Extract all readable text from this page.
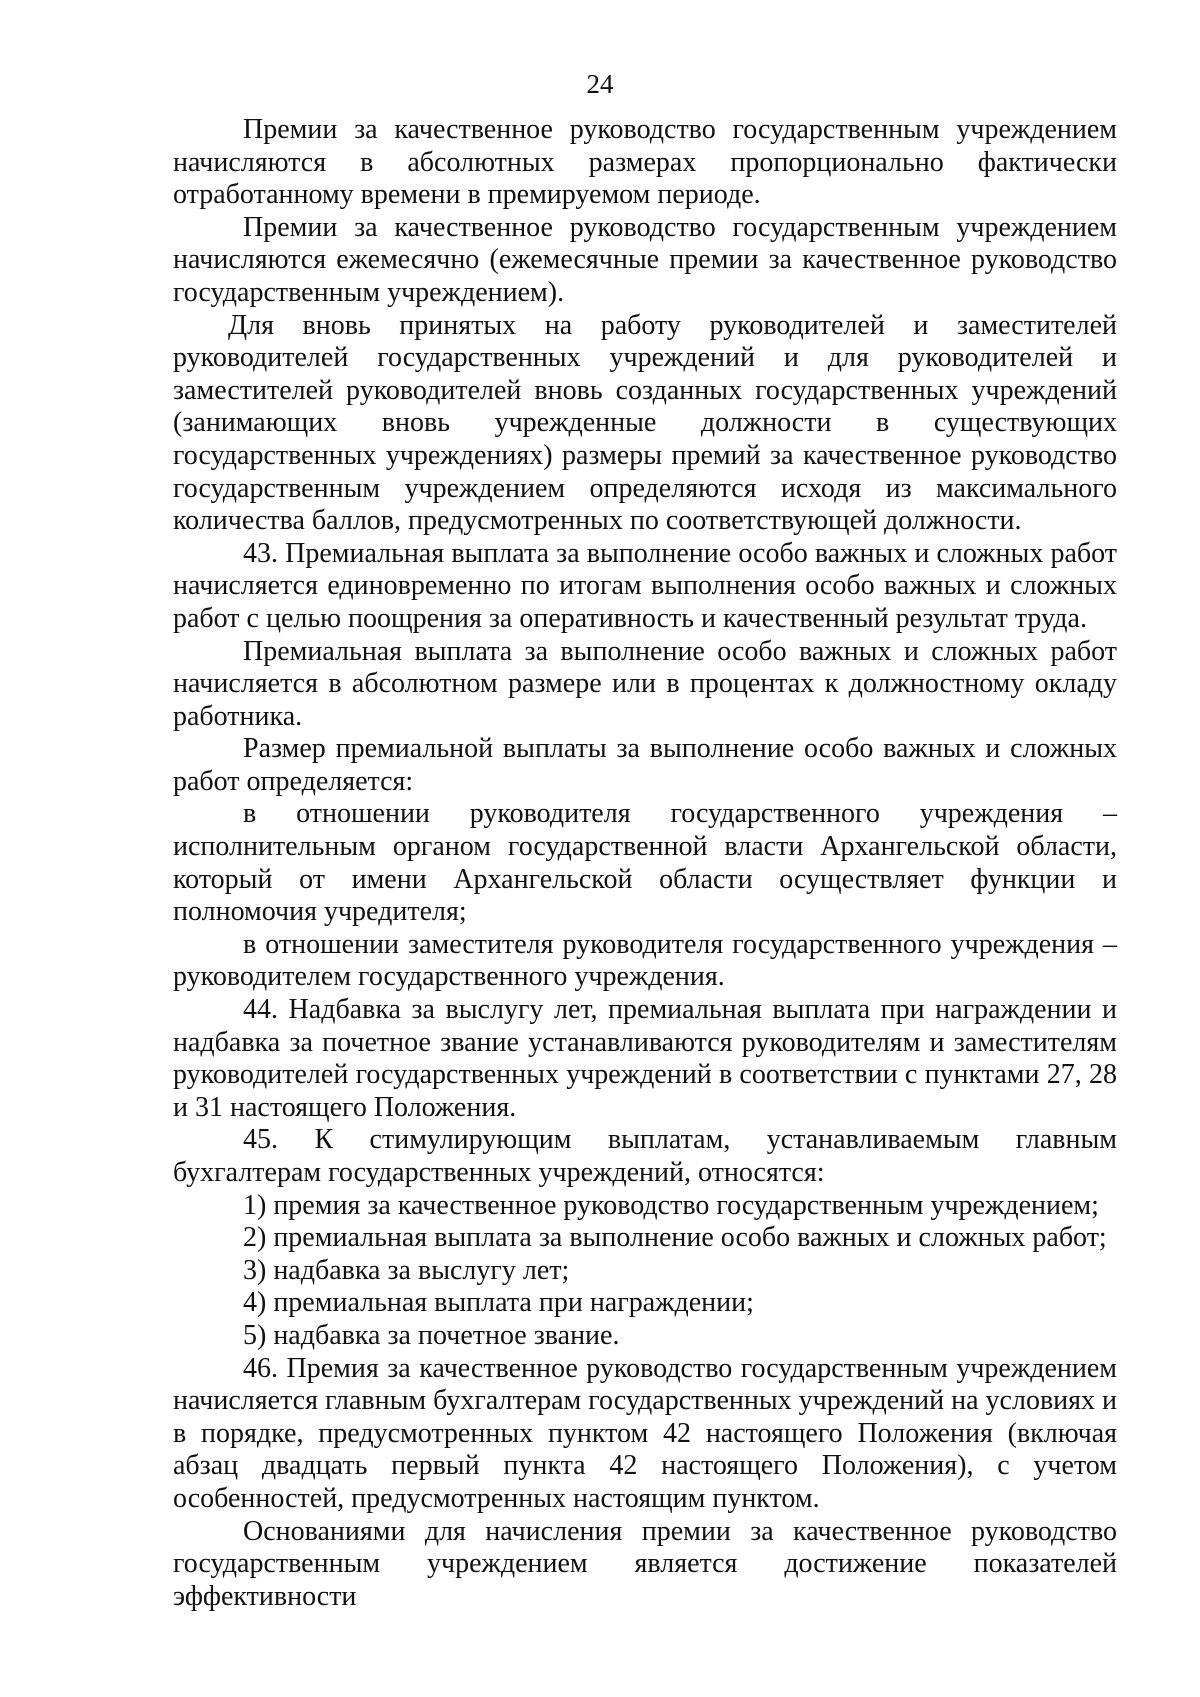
24

Премии за качественное руководство государственным учреждением начисляются в абсолютных размерах пропорционально фактически отработанному времени в премируемом периоде.

Премии за качественное руководство государственным учреждением начисляются ежемесячно (ежемесячные премии за качественное руководство государственным учреждением).

Для вновь принятых на работу руководителей и заместителей руководителей государственных учреждений и для руководителей и заместителей руководителей вновь созданных государственных учреждений (занимающих вновь учрежденные должности в существующих государственных учреждениях) размеры премий за качественное руководство государственным учреждением определяются исходя из максимального количества баллов, предусмотренных по соответствующей должности.

43. Премиальная выплата за выполнение особо важных и сложных работ начисляется единовременно по итогам выполнения особо важных и сложных работ с целью поощрения за оперативность и качественный результат труда.

Премиальная выплата за выполнение особо важных и сложных работ начисляется в абсолютном размере или в процентах к должностному окладу работника.

Размер премиальной выплаты за выполнение особо важных и сложных работ определяется:

в отношении руководителя государственного учреждения – исполнительным органом государственной власти Архангельской области, который от имени Архангельской области осуществляет функции и полномочия учредителя;

в отношении заместителя руководителя государственного учреждения – руководителем государственного учреждения.

44. Надбавка за выслугу лет, премиальная выплата при награждении и надбавка за почетное звание устанавливаются руководителям и заместителям руководителей государственных учреждений в соответствии с пунктами 27, 28 и 31 настоящего Положения.

45. К стимулирующим выплатам, устанавливаемым главным бухгалтерам государственных учреждений, относятся:

1) премия за качественное руководство государственным учреждением;

2) премиальная выплата за выполнение особо важных и сложных работ;

3) надбавка за выслугу лет;

4) премиальная выплата при награждении;

5) надбавка за почетное звание.

46. Премия за качественное руководство государственным учреждением начисляется главным бухгалтерам государственных учреждений на условиях и в порядке, предусмотренных пунктом 42 настоящего Положения (включая абзац двадцать первый пункта 42 настоящего Положения), с учетом особенностей, предусмотренных настоящим пунктом.

Основаниями для начисления премии за качественное руководство государственным учреждением является достижение показателей эффективности
